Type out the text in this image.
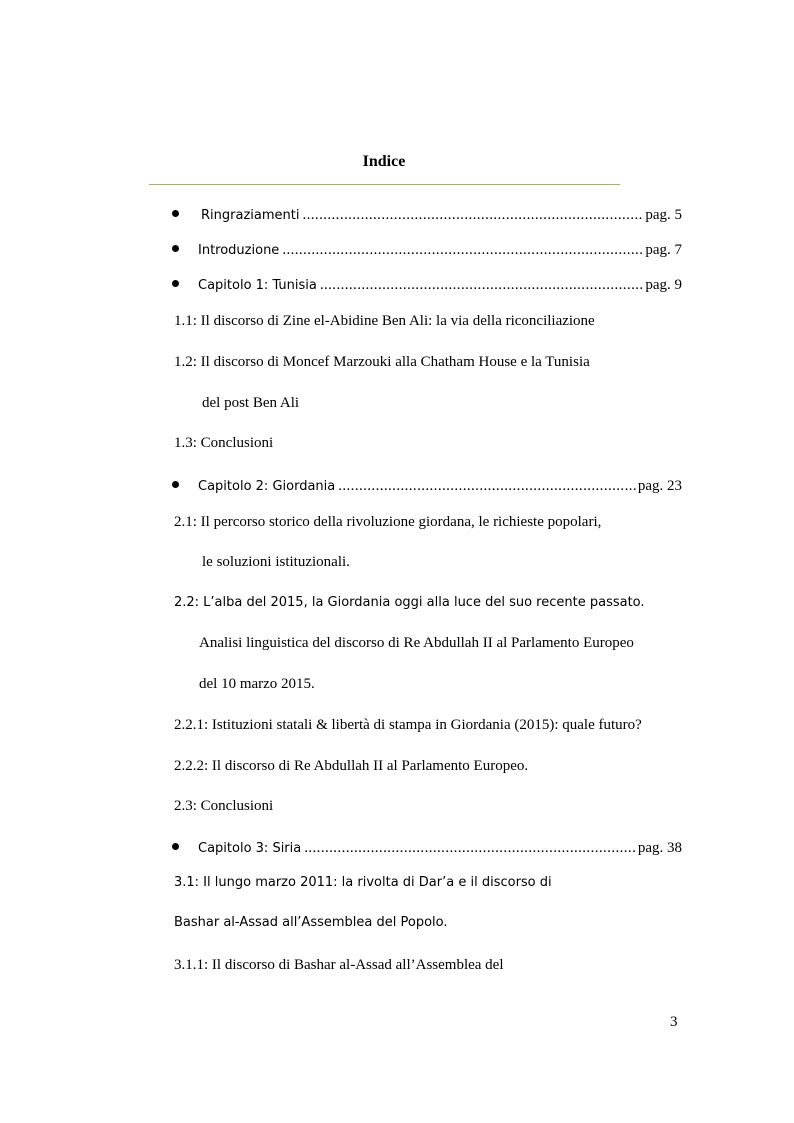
Indice
Ringraziamenti .....	pag. 5
Introduzione .....	pag. 7
Capitolo 1: Tunisia .....	pag. 9
1.1: Il discorso di Zine el-Abidine Ben Ali: la via della riconciliazione
1.2: Il discorso di Moncef Marzouki alla Chatham House e la Tunisia
del post Ben Ali
1.3: Conclusioni
Capitolo 2: Giordania .....	pag. 23
2.1: Il percorso storico della rivoluzione giordana, le richieste popolari,
le soluzioni istituzionali.
2.2: L’alba del 2015, la Giordania oggi alla luce del suo recente passato.
Analisi linguistica del discorso di Re Abdullah II al Parlamento Europeo
del 10 marzo 2015.
2.2.1: Istituzioni statali & libertà di stampa in Giordania (2015): quale futuro?
2.2.2: Il discorso di Re Abdullah II al Parlamento Europeo.
2.3: Conclusioni
Capitolo 3: Siria .....	pag. 38
3.1: Il lungo marzo 2011: la rivolta di Dar’a e il discorso di
Bashar al-Assad all’Assemblea del Popolo.
3.1.1: Il discorso di Bashar al-Assad all’Assemblea del
3
